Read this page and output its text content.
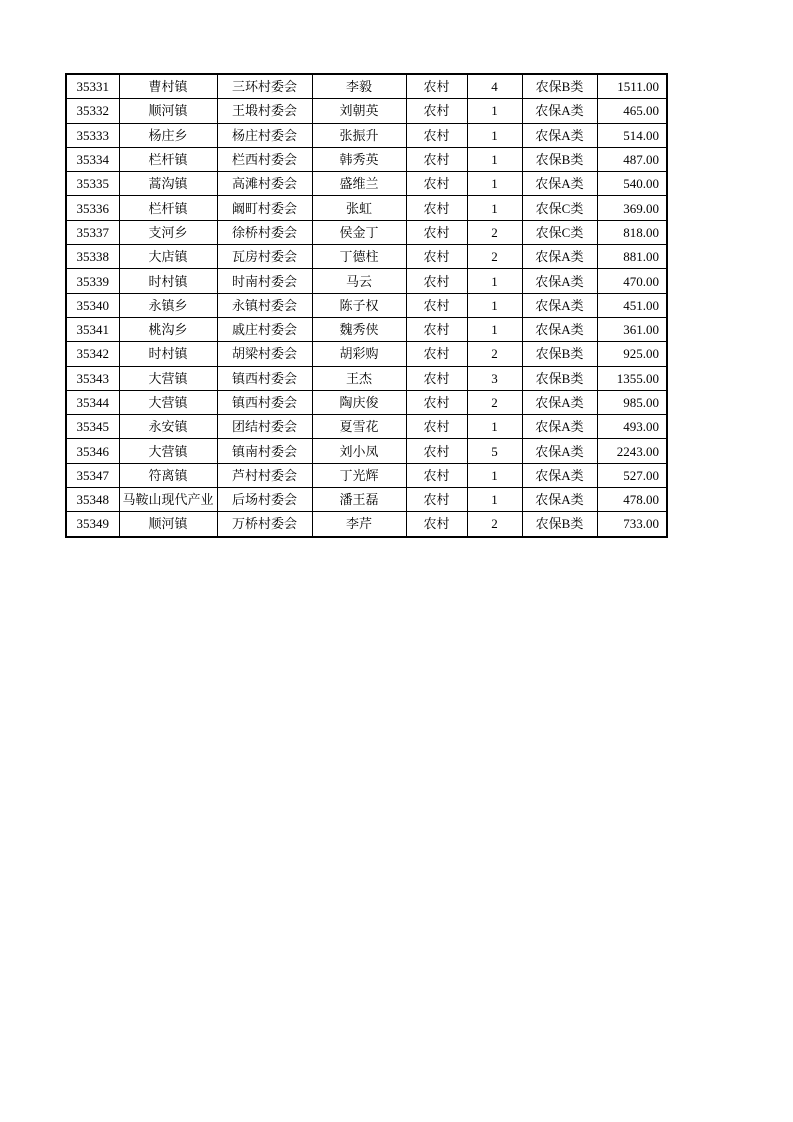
35331	曹村镇	三环村委会	李毅	农村	4	农保B类	1511.00
35332	顺河镇	王塅村委会	刘朝英	农村	1	农保A类	465.00
35333	杨庄乡	杨庄村委会	张振升	农村	1	农保A类	514.00
35334	栏杆镇	栏西村委会	韩秀英	农村	1	农保B类	487.00
35335	蒿沟镇	高滩村委会	盛维兰	农村	1	农保A类	540.00
35336	栏杆镇	阚町村委会	张虹	农村	1	农保C类	369.00
35337	支河乡	徐桥村委会	侯金丁	农村	2	农保C类	818.00
35338	大店镇	瓦房村委会	丁德柱	农村	2	农保A类	881.00
35339	时村镇	时南村委会	马云	农村	1	农保A类	470.00
35340	永镇乡	永镇村委会	陈子权	农村	1	农保A类	451.00
35341	桃沟乡	戚庄村委会	魏秀侠	农村	1	农保A类	361.00
35342	时村镇	胡梁村委会	胡彩购	农村	2	农保B类	925.00
35343	大营镇	镇西村委会	王杰	农村	3	农保B类	1355.00
35344	大营镇	镇西村委会	陶庆俊	农村	2	农保A类	985.00
35345	永安镇	团结村委会	夏雪花	农村	1	农保A类	493.00
35346	大营镇	镇南村委会	刘小凤	农村	5	农保A类	2243.00
35347	符离镇	芦村村委会	丁光辉	农村	1	农保A类	527.00
35348	马鞍山现代产业	后场村委会	潘王磊	农村	1	农保A类	478.00
35349	顺河镇	万桥村委会	李芹	农村	2	农保B类	733.00
